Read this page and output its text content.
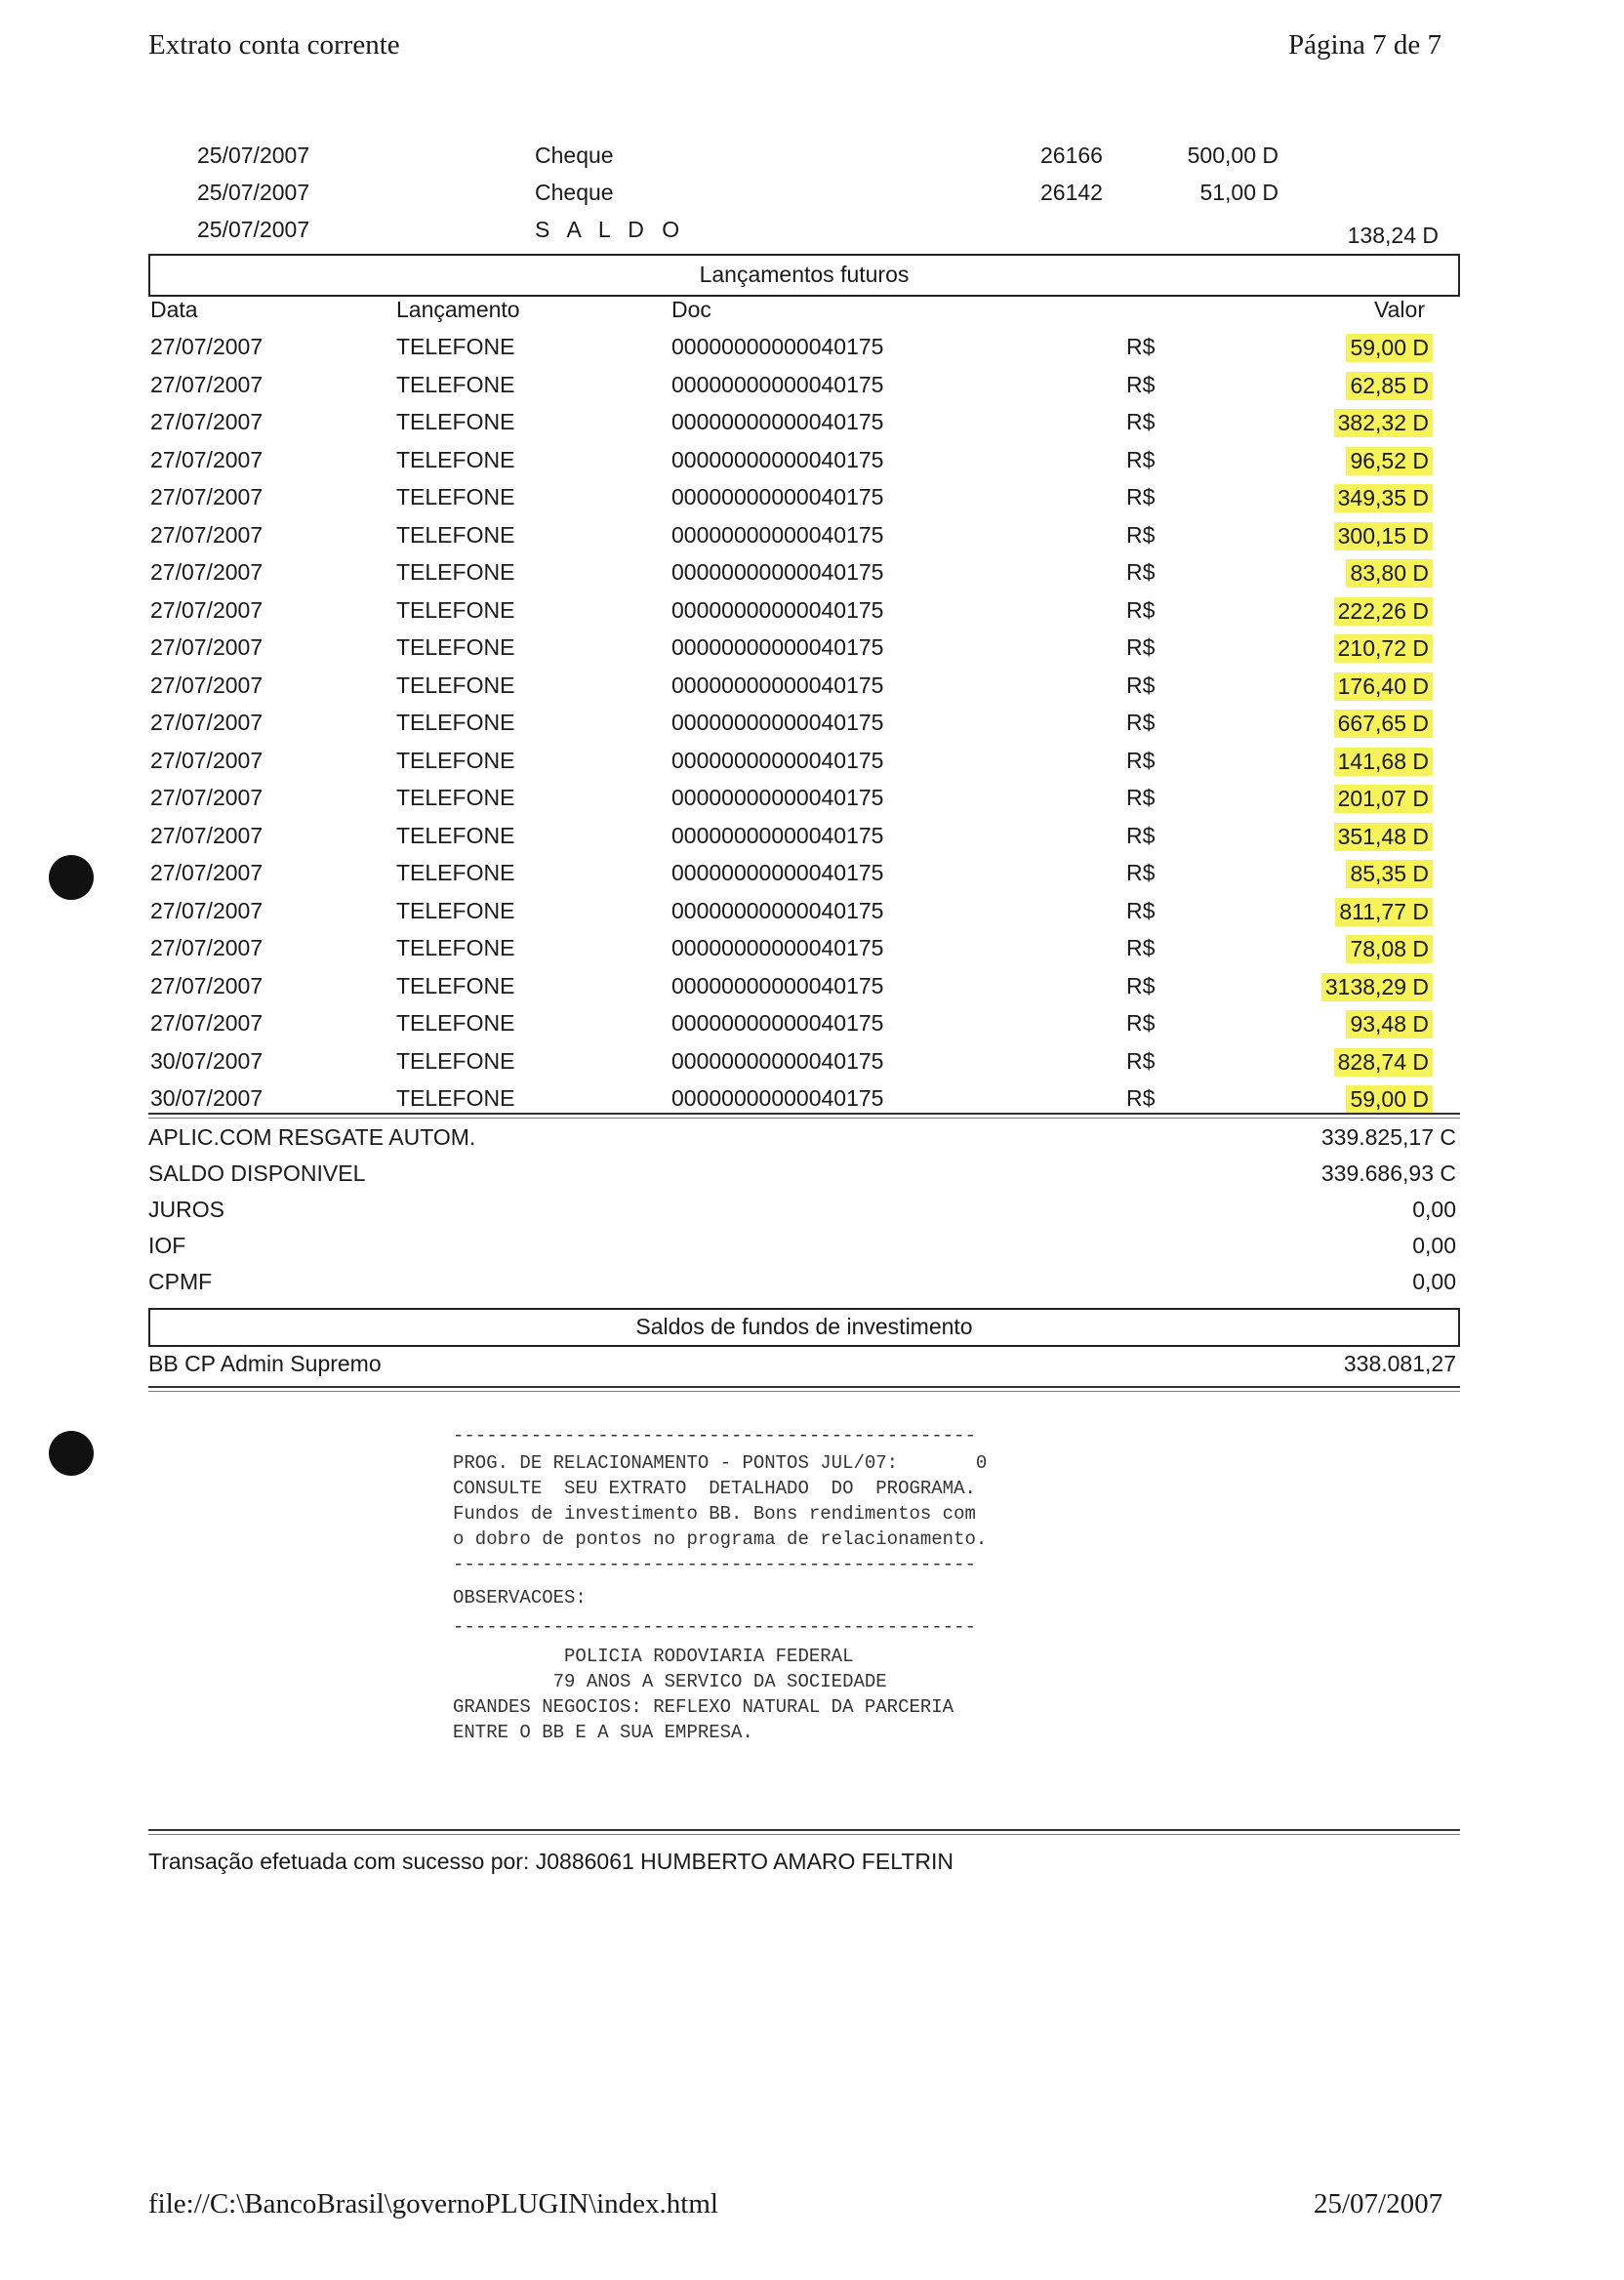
Extrato conta corrente	Página 7 de 7
25/07/2007	Cheque	26166	500,00 D
25/07/2007	Cheque	26142	51,00 D
25/07/2007	S A L D O	138,24 D
Lançamentos futuros
Data	Lançamento	Doc	Valor
27/07/2007	TELEFONE	00000000000040175	R$	59,00 D
27/07/2007	TELEFONE	00000000000040175	R$	62,85 D
27/07/2007	TELEFONE	00000000000040175	R$	382,32 D
27/07/2007	TELEFONE	00000000000040175	R$	96,52 D
27/07/2007	TELEFONE	00000000000040175	R$	349,35 D
27/07/2007	TELEFONE	00000000000040175	R$	300,15 D
27/07/2007	TELEFONE	00000000000040175	R$	83,80 D
27/07/2007	TELEFONE	00000000000040175	R$	222,26 D
27/07/2007	TELEFONE	00000000000040175	R$	210,72 D
27/07/2007	TELEFONE	00000000000040175	R$	176,40 D
27/07/2007	TELEFONE	00000000000040175	R$	667,65 D
27/07/2007	TELEFONE	00000000000040175	R$	141,68 D
27/07/2007	TELEFONE	00000000000040175	R$	201,07 D
27/07/2007	TELEFONE	00000000000040175	R$	351,48 D
27/07/2007	TELEFONE	00000000000040175	R$	85,35 D
27/07/2007	TELEFONE	00000000000040175	R$	811,77 D
27/07/2007	TELEFONE	00000000000040175	R$	78,08 D
27/07/2007	TELEFONE	00000000000040175	R$	3138,29 D
27/07/2007	TELEFONE	00000000000040175	R$	93,48 D
30/07/2007	TELEFONE	00000000000040175	R$	828,74 D
30/07/2007	TELEFONE	00000000000040175	R$	59,00 D
APLIC.COM RESGATE AUTOM.	339.825,17 C
SALDO DISPONIVEL	339.686,93 C
JUROS	0,00
IOF	0,00
CPMF	0,00
Saldos de fundos de investimento
BB CP Admin Supremo	338.081,27
-----------------------------------------------
PROG. DE RELACIONAMENTO - PONTOS JUL/07:       0
CONSULTE  SEU EXTRATO  DETALHADO  DO  PROGRAMA.
Fundos de investimento BB. Bons rendimentos com
o dobro de pontos no programa de relacionamento.
-----------------------------------------------
OBSERVACOES:
-----------------------------------------------
POLICIA RODOVIARIA FEDERAL
79 ANOS A SERVICO DA SOCIEDADE
GRANDES NEGOCIOS: REFLEXO NATURAL DA PARCERIA
ENTRE O BB E A SUA EMPRESA.
Transação efetuada com sucesso por: J0886061 HUMBERTO AMARO FELTRIN
file://C:\BancoBrasil\governoPLUGIN\index.html	25/07/2007
